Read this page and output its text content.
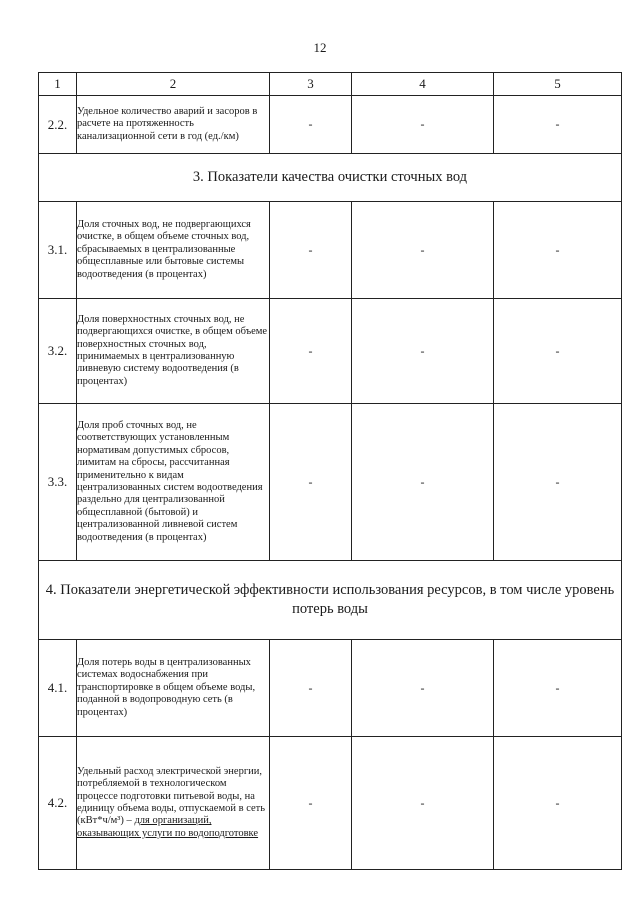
12
1	2	3	4	5
2.2.	Удельное количество аварий и засоров в расчете на протяженность канализационной сети в год (ед./км)	-	-	-
3. Показатели качества очистки сточных вод				
3.1.	Доля сточных вод, не подвергающихся очистке, в общем объеме сточных вод, сбрасываемых в централизованные общесплавные или бытовые системы водоотведения (в процентах)	-	-	-
3.2.	Доля поверхностных сточных вод, не подвергающихся очистке, в общем объеме поверхностных сточных вод, принимаемых в централизованную ливневую систему водоотведения (в процентах)	-	-	-
3.3.	Доля проб сточных вод, не соответствующих установленным нормативам допустимых сбросов, лимитам на сбросы, рассчитанная применительно к видам централизованных систем водоотведения раздельно для централизованной общесплавной (бытовой) и централизованной ливневой систем водоотведения (в процентах)	-	-	-
4. Показатели энергетической эффективности использования ресурсов, в том числе уровень потерь воды				
4.1.	Доля потерь воды в централизованных системах водоснабжения при транспортировке в общем объеме воды, поданной в водопроводную сеть (в процентах)	-	-	-
4.2.	Удельный расход электрической энергии, потребляемой в технологическом процессе подготовки питьевой воды, на единицу объема воды, отпускаемой в сеть (кВт*ч/м³) – для организаций, оказывающих услуги по водоподготовке	-	-	-
